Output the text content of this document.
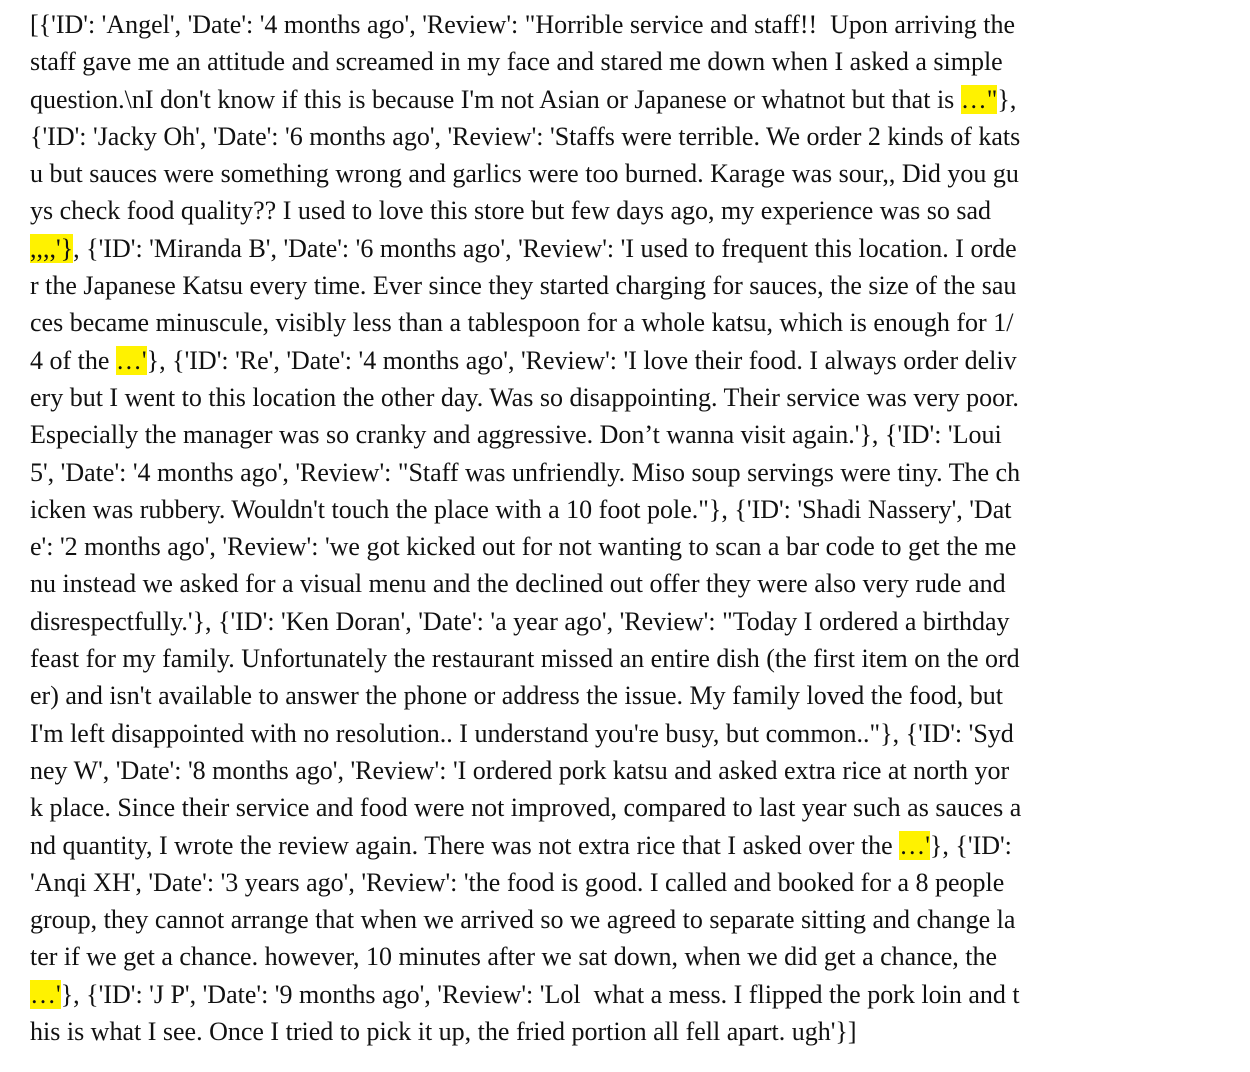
[{'ID': 'Angel', 'Date': '4 months ago', 'Review': "Horrible service and staff!!  Upon arriving the
staff gave me an attitude and screamed in my face and stared me down when I asked a simple
question.\nI don't know if this is because I'm not Asian or Japanese or whatnot but that is …"},
{'ID': 'Jacky Oh', 'Date': '6 months ago', 'Review': 'Staffs were terrible. We order 2 kinds of kats
u but sauces were something wrong and garlics were too burned. Karage was sour,, Did you gu
ys check food quality?? I used to love this store but few days ago, my experience was so sad
,,,,'}, {'ID': 'Miranda B', 'Date': '6 months ago', 'Review': 'I used to frequent this location. I orde
r the Japanese Katsu every time. Ever since they started charging for sauces, the size of the sau
ces became minuscule, visibly less than a tablespoon for a whole katsu, which is enough for 1/
4 of the …'}, {'ID': 'Re', 'Date': '4 months ago', 'Review': 'I love their food. I always order deliv
ery but I went to this location the other day. Was so disappointing. Their service was very poor.
Especially the manager was so cranky and aggressive. Don’t wanna visit again.'}, {'ID': 'Loui
5', 'Date': '4 months ago', 'Review': "Staff was unfriendly. Miso soup servings were tiny. The ch
icken was rubbery. Wouldn't touch the place with a 10 foot pole."}, {'ID': 'Shadi Nassery', 'Dat
e': '2 months ago', 'Review': 'we got kicked out for not wanting to scan a bar code to get the me
nu instead we asked for a visual menu and the declined out offer they were also very rude and
disrespectfully.'}, {'ID': 'Ken Doran', 'Date': 'a year ago', 'Review': "Today I ordered a birthday
feast for my family. Unfortunately the restaurant missed an entire dish (the first item on the ord
er) and isn't available to answer the phone or address the issue. My family loved the food, but
I'm left disappointed with no resolution.. I understand you're busy, but common.."}, {'ID': 'Syd
ney W', 'Date': '8 months ago', 'Review': 'I ordered pork katsu and asked extra rice at north yor
k place. Since their service and food were not improved, compared to last year such as sauces a
nd quantity, I wrote the review again. There was not extra rice that I asked over the …'}, {'ID':
'Anqi XH', 'Date': '3 years ago', 'Review': 'the food is good. I called and booked for a 8 people
group, they cannot arrange that when we arrived so we agreed to separate sitting and change la
ter if we get a chance. however, 10 minutes after we sat down, when we did get a chance, the
…'}, {'ID': 'J P', 'Date': '9 months ago', 'Review': 'Lol  what a mess. I flipped the pork loin and t
his is what I see. Once I tried to pick it up, the fried portion all fell apart. ugh'}]
